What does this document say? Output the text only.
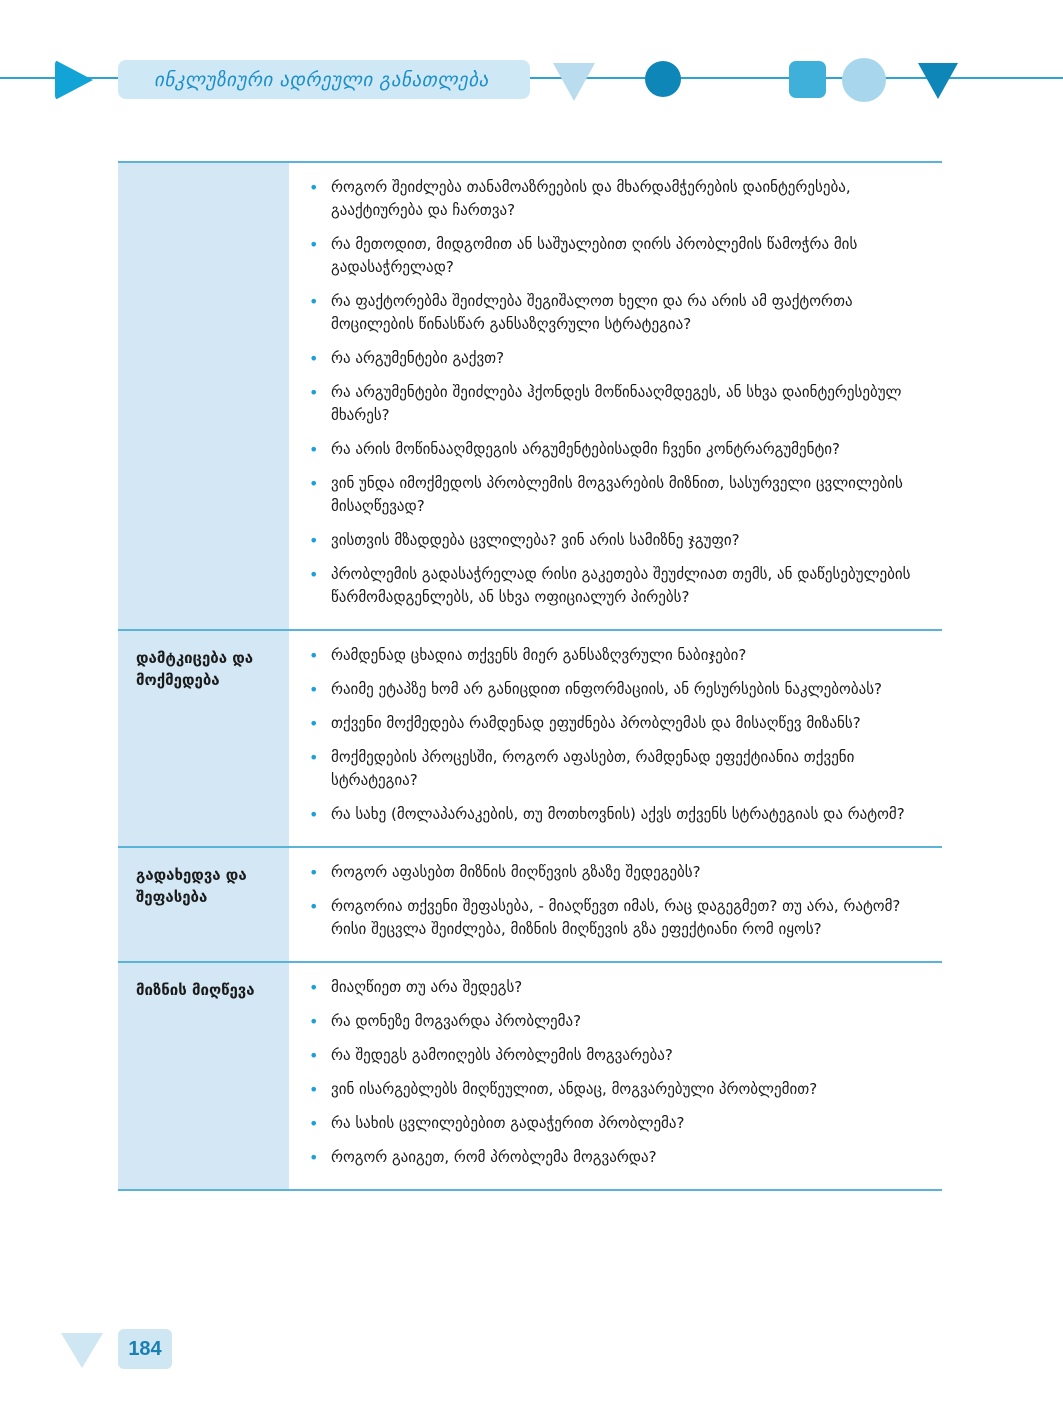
ინკლუზიური ადრეული განათლება
• როგორ შეიძლება თანამოაზრეების და მხარდამჭერების დაინტერესება, გააქტიურება და ჩართვა?
• რა მეთოდით, მიდგომით ან საშუალებით ღირს პრობლემის წამოჭრა მის გადასაჭრელად?
• რა ფაქტორებმა შეიძლება შეგიშალოთ ხელი და რა არის ამ ფაქტორთა მოცილების წინასწარ განსაზღვრული სტრატეგია?
• რა არგუმენტები გაქვთ?
• რა არგუმენტები შეიძლება ჰქონდეს მოწინააღმდეგეს, ან სხვა დაინტერესებულ მხარეს?
• რა არის მოწინააღმდეგის არგუმენტებისადმი ჩვენი კონტრარგუმენტი?
• ვინ უნდა იმოქმედოს პრობლემის მოგვარების მიზნით, სასურველი ცვლილების მისაღწევად?
• ვისთვის მზადდება ცვლილება? ვინ არის სამიზნე ჯგუფი?
• პრობლემის გადასაჭრელად რისი გაკეთება შეუძლიათ თემს, ან დაწესებულების წარმომადგენლებს, ან სხვა ოფიციალურ პირებს?
დამტკიცება და მოქმედება
• რამდენად ცხადია თქვენს მიერ განსაზღვრული ნაბიჯები?
• რაიმე ეტაპზე ხომ არ განიცდით ინფორმაციის, ან რესურსების ნაკლებობას?
• თქვენი მოქმედება რამდენად ეფუძნება პრობლემას და მისაღწევ მიზანს?
• მოქმედების პროცესში, როგორ აფასებთ, რამდენად ეფექტიანია თქვენი სტრატეგია?
• რა სახე (მოლაპარაკების, თუ მოთხოვნის) აქვს თქვენს სტრატეგიას და რატომ?
გადახედვა და შეფასება
• როგორ აფასებთ მიზნის მიღწევის გზაზე შედეგებს?
• როგორია თქვენი შეფასება, - მიაღწევთ იმას, რაც დაგეგმეთ? თუ არა, რატომ? რისი შეცვლა შეიძლება, მიზნის მიღწევის გზა ეფექტიანი რომ იყოს?
მიზნის მიღწევა	• მიაღწიეთ თუ არა შედეგს?
• რა დონეზე მოგვარდა პრობლემა?
• რა შედეგს გამოიღებს პრობლემის მოგვარება?
• ვინ ისარგებლებს მიღწეულით, ანდაც, მოგვარებული პრობლემით?
• რა სახის ცვლილებებით გადაჭერით პრობლემა?
• როგორ გაიგეთ, რომ პრობლემა მოგვარდა?
184
